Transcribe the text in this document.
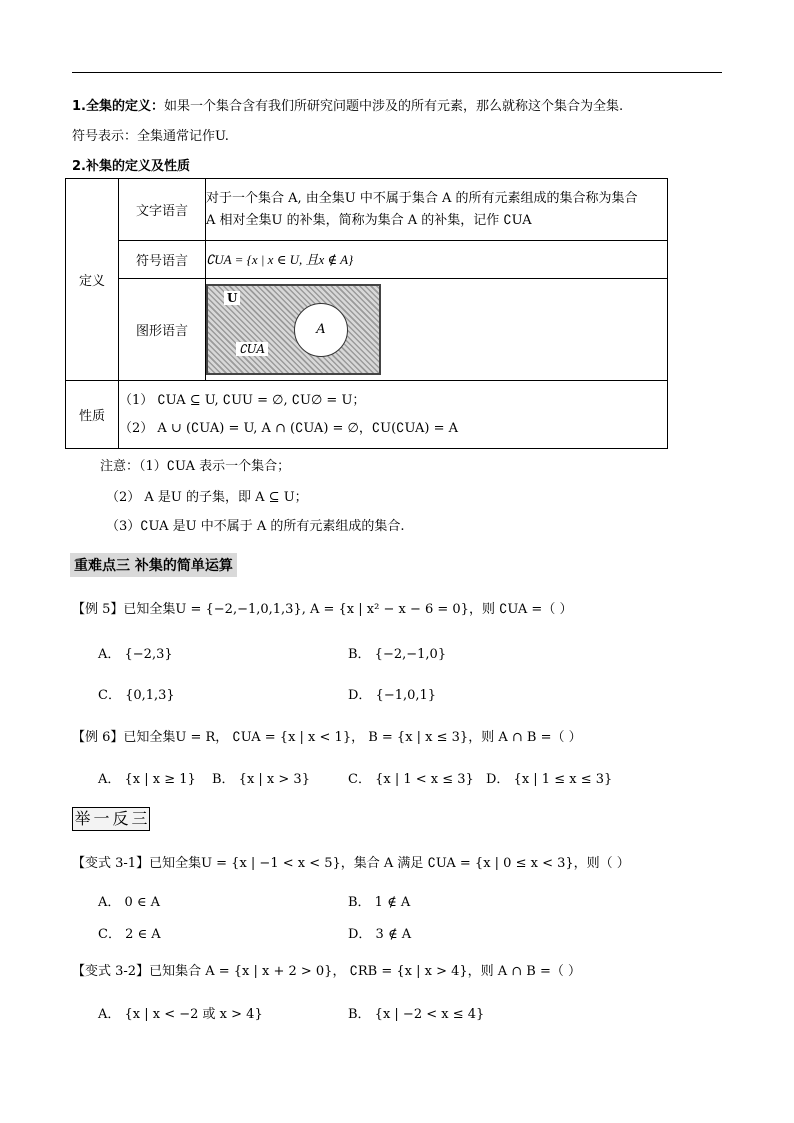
1.全集的定义：如果一个集合含有我们所研究问题中涉及的所有元素，那么就称这个集合为全集.
符号表示：全集通常记作U.
2.补集的定义及性质
定义	文字语言	对于一个集合 A, 由全集U 中不属于集合 A 的所有元素组成的集合称为集合
A 相对全集U 的补集，简称为集合 A 的补集，记作 ∁UA

	符号语言	∁UA = {x | x ∈ U, 且x ∉ A}
	图形语言	U
A
∁UA

性质	（1） ∁UA ⊆ U, ∁UU = ∅, ∁U∅ = U；
（2） A ∪ (∁UA) = U, A ∩ (∁UA) = ∅，∁U(∁UA) = A	
注意：（1）∁UA 表示一个集合；
（2） A 是U 的子集，即 A ⊆ U；
（3）∁UA 是U 中不属于 A 的所有元素组成的集合.
重难点三 补集的简单运算
【例 5】已知全集U = {−2,−1,0,1,3}, A = {x | x² − x − 6 = 0}，则 ∁UA =（ ）
A． {−2,3}	B． {−2,−1,0}
C． {0,1,3}	D． {−1,0,1}
【例 6】已知全集U = R， ∁UA = {x | x < 1}， B = {x | x ≤ 3}，则 A ∩ B =（ ）
A． {x | x ≥ 1} B． {x | x > 3}	C． {x | 1 < x ≤ 3} D． {x | 1 ≤ x ≤ 3}
举 一 反 三
【变式 3-1】已知全集U = {x | −1 < x < 5}，集合 A 满足 ∁UA = {x | 0 ≤ x < 3}，则（ ）
A． 0 ∈ A	B． 1 ∉ A
C． 2 ∈ A	D． 3 ∉ A
【变式 3-2】已知集合 A = {x | x + 2 > 0}， ∁RB = {x | x > 4}，则 A ∩ B =（ ）
A． {x | x < −2 或 x > 4}	B． {x | −2 < x ≤ 4}
